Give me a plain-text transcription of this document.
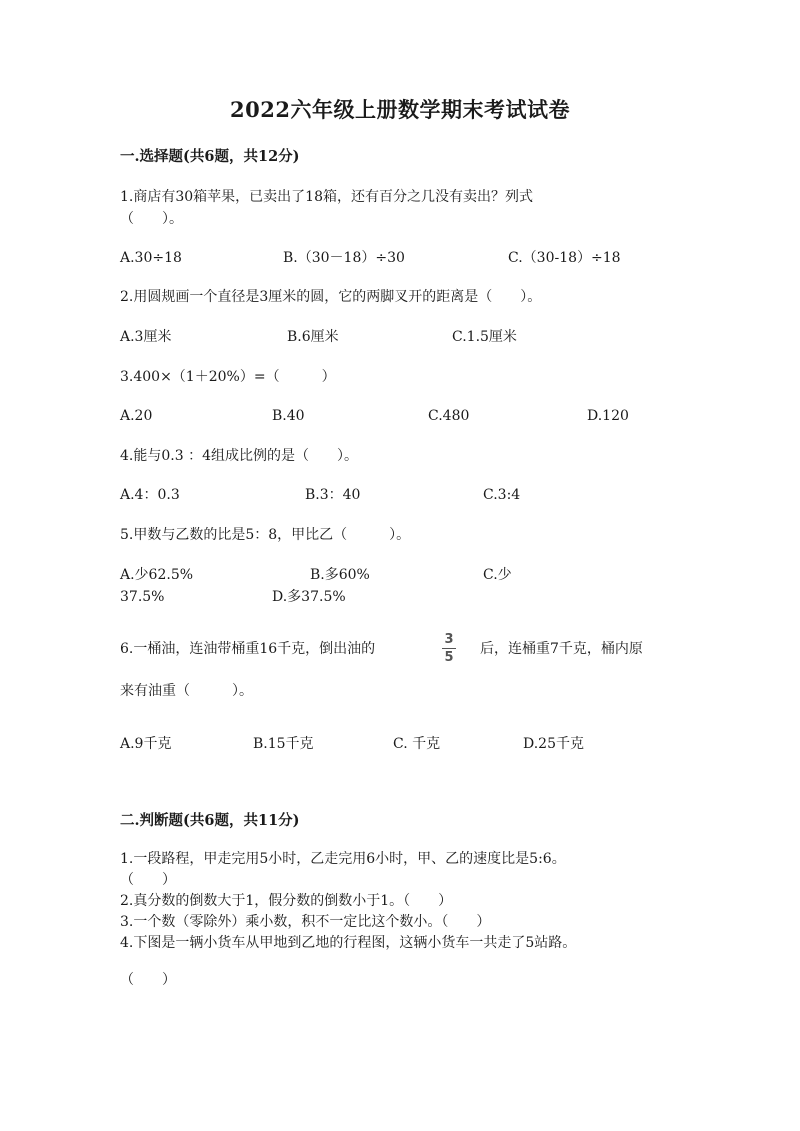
2022六年级上册数学期末考试试卷
一.选择题(共6题，共12分)
1.商店有30箱苹果，已卖出了18箱，还有百分之几没有卖出？列式
（　　）。
A.30÷18	B.（30－18）÷30	C.（30-18）÷18
2.用圆规画一个直径是3厘米的圆，它的两脚叉开的距离是（　　）。
A.3厘米	B.6厘米	C.1.5厘米
3.400×（1＋20%）=（　　　）
A.20	B.40	C.480	D.120
4.能与0.3 ：4组成比例的是（　　）。
A.4：0.3	B.3：40	C.3:4
5.甲数与乙数的比是5：8，甲比乙（　　　）。
A.少62.5%	B.多60%	C.少
37.5%	D.多37.5%
6.一桶油，连油带桶重16千克，倒出油的
3
5
后，连桶重7千克，桶内原
来有油重（　　　）。
A.9千克	B.15千克	C. 千克	D.25千克
二.判断题(共6题，共11分)
1.一段路程，甲走完用5小时，乙走完用6小时，甲、乙的速度比是5:6。
（　　）
2.真分数的倒数大于1，假分数的倒数小于1。（　　）
3.一个数（零除外）乘小数，积不一定比这个数小。（　　）
4.下图是一辆小货车从甲地到乙地的行程图，这辆小货车一共走了5站路。
（　　）
